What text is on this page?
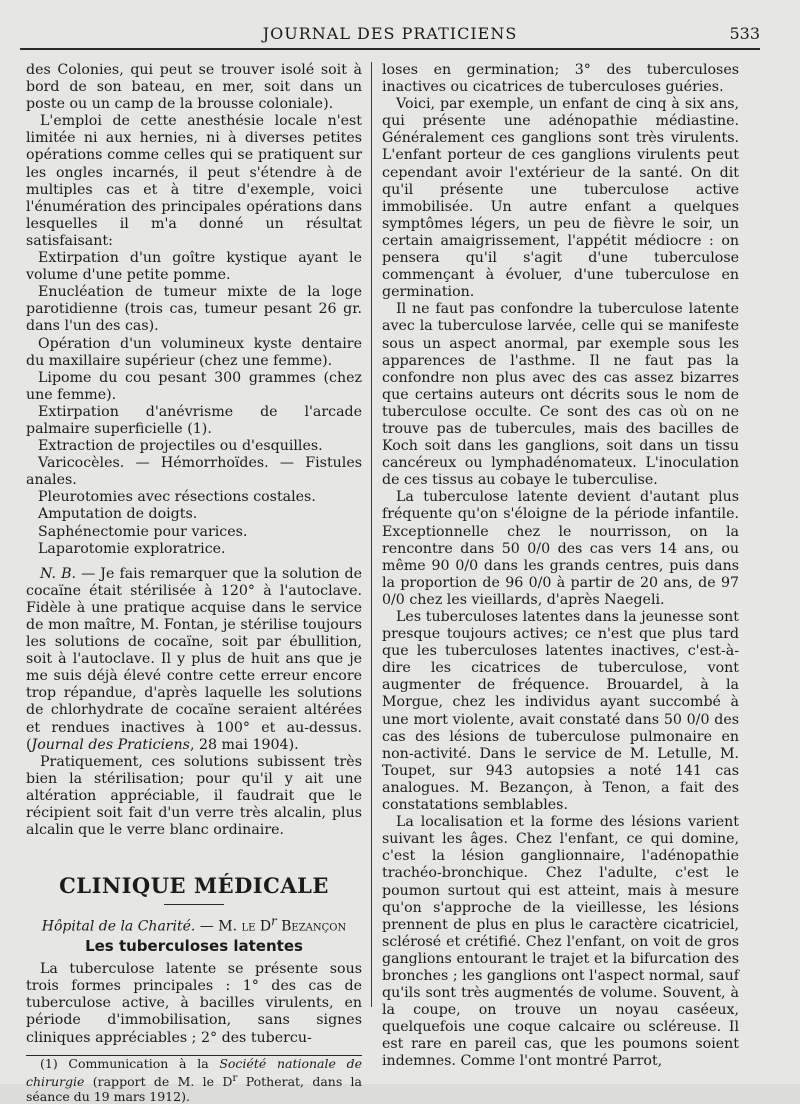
JOURNAL DES PRATICIENS	533

des Colonies, qui peut se trouver isolé soit à bord de son bateau, en mer, soit dans un poste ou un camp de la brousse coloniale).

L'emploi de cette anesthésie locale n'est limitée ni aux hernies, ni à diverses petites opérations comme celles qui se pratiquent sur les ongles incarnés, il peut s'étendre à de multiples cas et à titre d'exemple, voici l'énumération des principales opérations dans lesquelles il m'a donné un résultat satisfaisant:

Extirpation d'un goître kystique ayant le volume d'une petite pomme.

Enucléation de tumeur mixte de la loge parotidienne (trois cas, tumeur pesant 26 gr. dans l'un des cas).

Opération d'un volumineux kyste dentaire du maxillaire supérieur (chez une femme).

Lipome du cou pesant 300 grammes (chez une femme).

Extirpation d'anévrisme de l'arcade palmaire superficielle (1).

Extraction de projectiles ou d'esquilles.

Varicocèles. — Hémorrhoïdes. — Fistules anales.

Pleurotomies avec résections costales.

Amputation de doigts.

Saphénectomie pour varices.

Laparotomie exploratrice.

N. B. — Je fais remarquer que la solution de cocaïne était stérilisée à 120° à l'autoclave. Fidèle à une pratique acquise dans le service de mon maître, M. Fontan, je stérilise toujours les solutions de cocaïne, soit par ébullition, soit à l'autoclave. Il y plus de huit ans que je me suis déjà élevé contre cette erreur encore trop répandue, d'après laquelle les solutions de chlorhydrate de cocaïne seraient altérées et rendues inactives à 100° et au-dessus. (Journal des Praticiens, 28 mai 1904).

Pratiquement, ces solutions subissent très bien la stérilisation; pour qu'il y ait une altération appréciable, il faudrait que le récipient soit fait d'un verre très alcalin, plus alcalin que le verre blanc ordinaire.

CLINIQUE MÉDICALE
Hôpital de la Charité. — M. le $D^r$ Bezançon
Les tuberculoses latentes

La tuberculose latente se présente sous trois formes principales : 1° des cas de tuberculose active, à bacilles virulents, en période d'immobilisation, sans signes cliniques appréciables ; 2° des tubercu-

(1) Communication à la Société nationale de chirurgie (rapport de M. le $D^r$ Potherat, dans la séance du 19 mars 1912).

loses en germination; 3° des tuberculoses inactives ou cicatrices de tuberculoses guéries.

Voici, par exemple, un enfant de cinq à six ans, qui présente une adénopathie médiastine. Généralement ces ganglions sont très virulents. L'enfant porteur de ces ganglions virulents peut cependant avoir l'extérieur de la santé. On dit qu'il présente une tuberculose active immobilisée. Un autre enfant a quelques symptômes légers, un peu de fièvre le soir, un certain amaigrissement, l'appétit médiocre : on pensera qu'il s'agit d'une tuberculose commençant à évoluer, d'une tuberculose en germination.

Il ne faut pas confondre la tuberculose latente avec la tuberculose larvée, celle qui se manifeste sous un aspect anormal, par exemple sous les apparences de l'asthme. Il ne faut pas la confondre non plus avec des cas assez bizarres que certains auteurs ont décrits sous le nom de tuberculose occulte. Ce sont des cas où on ne trouve pas de tubercules, mais des bacilles de Koch soit dans les ganglions, soit dans un tissu cancéreux ou lymphadénomateux. L'inoculation de ces tissus au cobaye le tuberculise.

La tuberculose latente devient d'autant plus fréquente qu'on s'éloigne de la période infantile. Exceptionnelle chez le nourrisson, on la rencontre dans 50 0/0 des cas vers 14 ans, ou même 90 0/0 dans les grands centres, puis dans la proportion de 96 0/0 à partir de 20 ans, de 97 0/0 chez les vieillards, d'après Naegeli.

Les tuberculoses latentes dans la jeunesse sont presque toujours actives; ce n'est que plus tard que les tuberculoses latentes inactives, c'est-à-dire les cicatrices de tuberculose, vont augmenter de fréquence. Brouardel, à la Morgue, chez les individus ayant succombé à une mort violente, avait constaté dans 50 0/0 des cas des lésions de tuberculose pulmonaire en non-activité. Dans le service de M. Letulle, M. Toupet, sur 943 autopsies a noté 141 cas analogues. M. Bezançon, à Tenon, a fait des constatations semblables.

La localisation et la forme des lésions varient suivant les âges. Chez l'enfant, ce qui domine, c'est la lésion ganglionnaire, l'adénopathie trachéo-bronchique. Chez l'adulte, c'est le poumon surtout qui est atteint, mais à mesure qu'on s'approche de la vieillesse, les lésions prennent de plus en plus le caractère cicatriciel, sclérosé et crétifié. Chez l'enfant, on voit de gros ganglions entourant le trajet et la bifurcation des bronches ; les ganglions ont l'aspect normal, sauf qu'ils sont très augmentés de volume. Souvent, à la coupe, on trouve un noyau caséeux, quelquefois une coque calcaire ou scléreuse. Il est rare en pareil cas, que les poumons soient indemnes. Comme l'ont montré Parrot,
